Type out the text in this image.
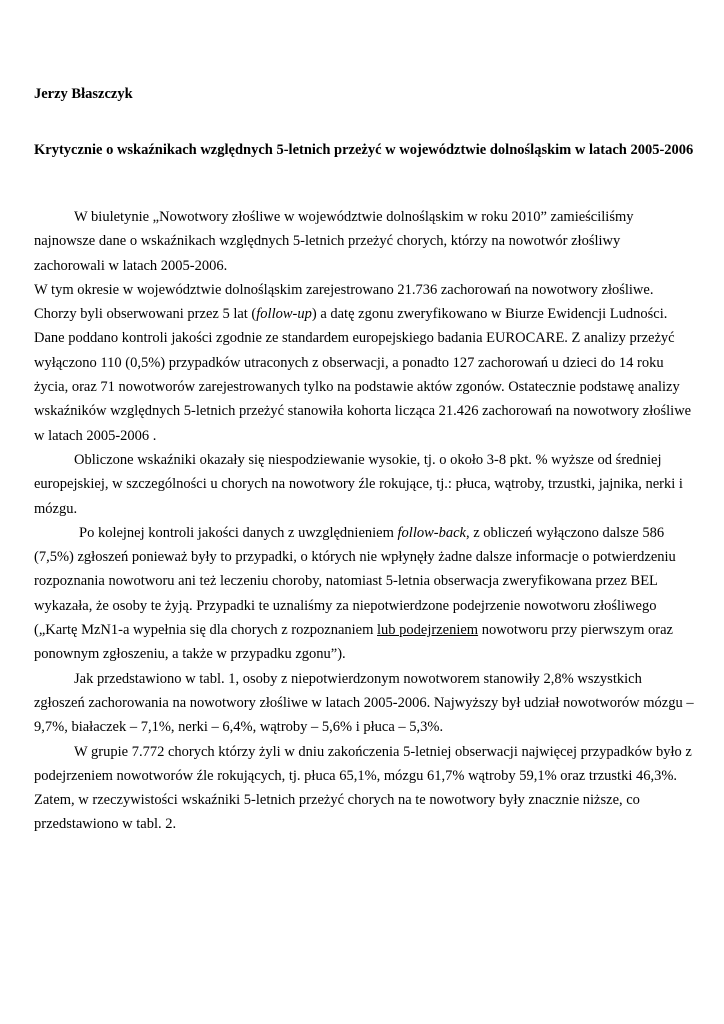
Jerzy Błaszczyk

Krytycznie o wskaźnikach względnych 5-letnich przeżyć w województwie dolnośląskim w latach 2005-2006

W biuletynie „Nowotwory złośliwe w województwie dolnośląskim w roku 2010” zamieściliśmy najnowsze dane o wskaźnikach względnych 5-letnich przeżyć chorych, którzy na nowotwór złośliwy zachorowali w latach 2005-2006.

W tym okresie w województwie dolnośląskim zarejestrowano 21.736 zachorowań na nowotwory złośliwe. Chorzy byli obserwowani przez 5 lat (follow-up) a datę zgonu zweryfikowano w Biurze Ewidencji Ludności. Dane poddano kontroli jakości zgodnie ze standardem europejskiego badania EUROCARE. Z analizy przeżyć wyłączono 110 (0,5%) przypadków utraconych z obserwacji, a ponadto 127 zachorowań u dzieci do 14 roku życia, oraz 71 nowotworów zarejestrowanych tylko na podstawie aktów zgonów. Ostatecznie podstawę analizy wskaźników względnych 5-letnich przeżyć stanowiła kohorta licząca 21.426 zachorowań na nowotwory złośliwe w latach 2005-2006 .

Obliczone wskaźniki okazały się niespodziewanie wysokie, tj. o około 3-8 pkt. % wyższe od średniej europejskiej, w szczególności u chorych na nowotwory źle rokujące, tj.: płuca, wątroby, trzustki, jajnika, nerki i mózgu.

Po kolejnej kontroli jakości danych z uwzględnieniem follow-back, z obliczeń wyłączono dalsze 586 (7,5%) zgłoszeń ponieważ były to przypadki, o których nie wpłynęły żadne dalsze informacje o potwierdzeniu rozpoznania nowotworu ani też leczeniu choroby, natomiast 5-letnia obserwacja zweryfikowana przez BEL wykazała, że osoby te żyją. Przypadki te uznaliśmy za niepotwierdzone podejrzenie nowotworu złośliwego („Kartę MzN1-a wypełnia się dla chorych z rozpoznaniem lub podejrzeniem nowotworu przy pierwszym oraz ponownym zgłoszeniu, a także w przypadku zgonu”).

Jak przedstawiono w tabl. 1, osoby z niepotwierdzonym nowotworem stanowiły 2,8% wszystkich zgłoszeń zachorowania na nowotwory złośliwe w latach 2005-2006. Najwyższy był udział nowotworów mózgu – 9,7%, białaczek – 7,1%, nerki – 6,4%, wątroby – 5,6% i płuca – 5,3%.

W grupie 7.772 chorych którzy żyli w dniu zakończenia 5-letniej obserwacji najwięcej przypadków było z podejrzeniem nowotworów źle rokujących, tj. płuca 65,1%, mózgu 61,7% wątroby 59,1% oraz trzustki 46,3%. Zatem, w rzeczywistości wskaźniki 5-letnich przeżyć chorych na te nowotwory były znacznie niższe, co przedstawiono w tabl. 2.
